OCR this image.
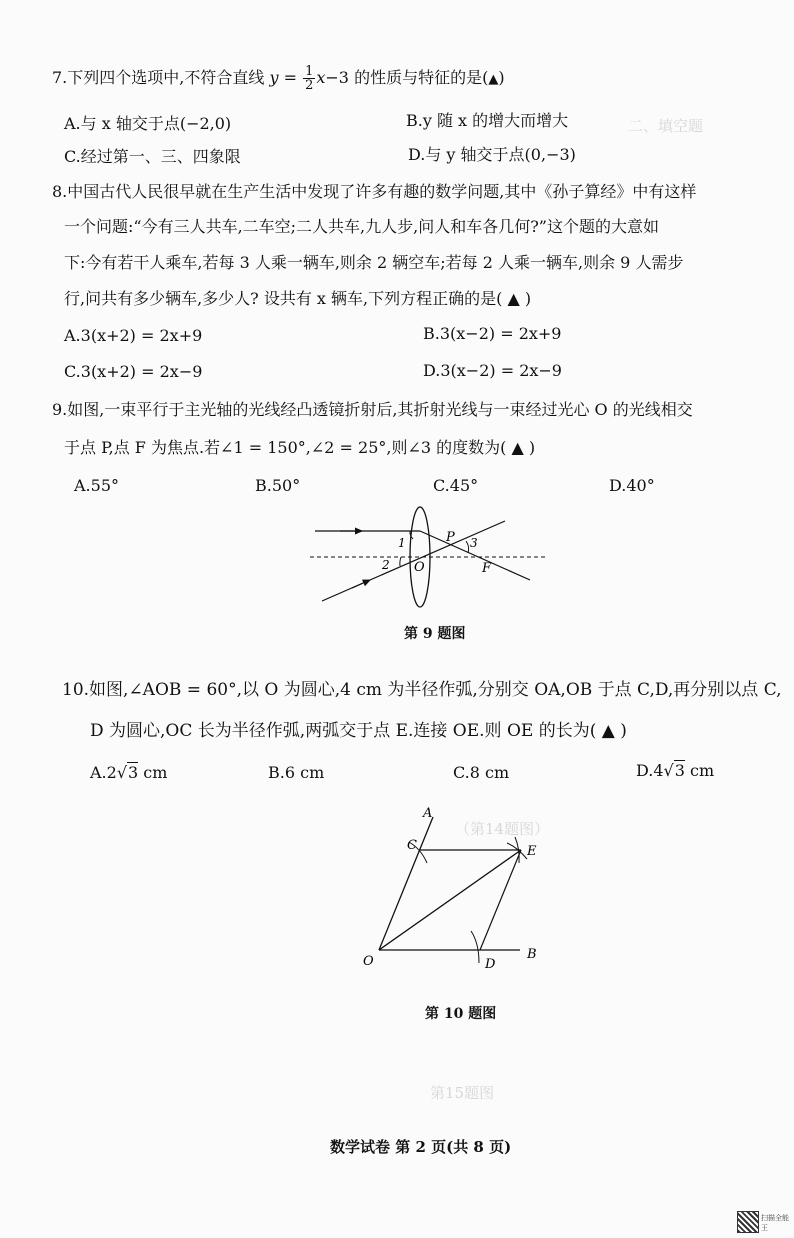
二、填空题
（第14题图）
第15题图
7.下列四个选项中,不符合直线 $y = \frac{1}{2} x-3$ 的性质与特征的是(▲)
A.与 x 轴交于点(−2,0)	B.y 随 x 的增大而增大
C.经过第一、三、四象限	D.与 y 轴交于点(0,−3)
8.中国古代人民很早就在生产生活中发现了许多有趣的数学问题,其中《孙子算经》中有这样
一个问题:“今有三人共车,二车空;二人共车,九人步,问人和车各几何?”这个题的大意如
下:今有若干人乘车,若每 3 人乘一辆车,则余 2 辆空车;若每 2 人乘一辆车,则余 9 人需步
行,问共有多少辆车,多少人? 设共有 x 辆车,下列方程正确的是( ▲ )
A.3(x+2) = 2x+9	B.3(x−2) = 2x+9
C.3(x+2) = 2x−9	D.3(x−2) = 2x−9
9.如图,一束平行于主光轴的光线经凸透镜折射后,其折射光线与一束经过光心 O 的光线相交
于点 P,点 F 为焦点.若∠1 = 150°,∠2 = 25°,则∠3 的度数为( ▲ )
A.55°	B.50°	C.45°	D.40°
1
2
3
P
O	F
第 9 题图
10.如图,∠AOB = 60°,以 O 为圆心,4 cm 为半径作弧,分别交 OA,OB 于点 C,D,再分别以点 C,
D 为圆心,OC 长为半径作弧,两弧交于点 E.连接 OE.则 OE 的长为( ▲ )
A.2√3 cm	B.6 cm	C.8 cm	D.4√3 cm
A
C	E
O	D
B
第 10 题图
数学试卷 第 2 页(共 8 页)
扫描全能王
